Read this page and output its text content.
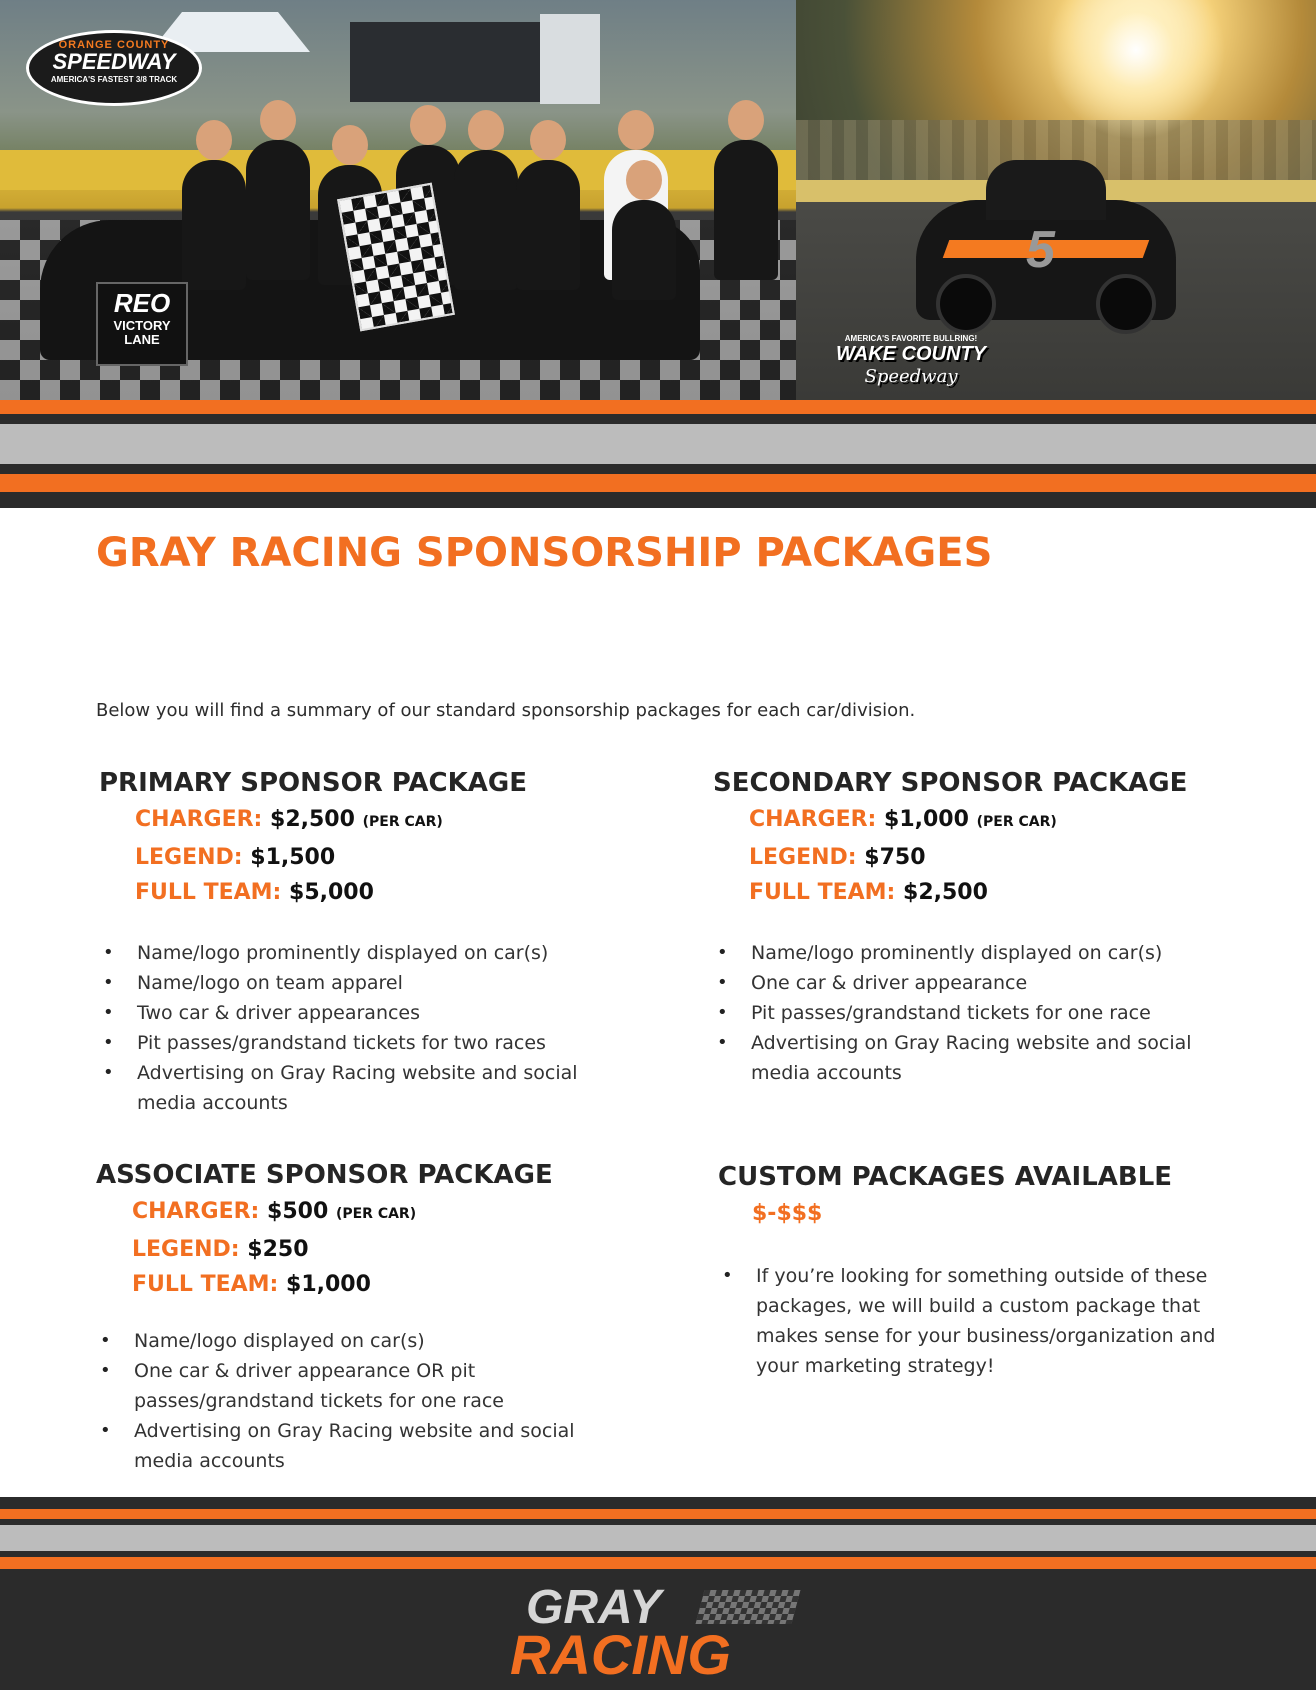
ORANGE COUNTY
SPEEDWAY
AMERICA'S FASTEST 3/8 TRACK
REO
VICTORY LANE
5
AMERICA'S FAVORITE BULLRING!
WAKE COUNTY
Speedway
GRAY RACING SPONSORSHIP PACKAGES

Below you will find a summary of our standard sponsorship packages for each car/division.

PRIMARY SPONSOR PACKAGE

CHARGER: $2,500 (PER CAR)

LEGEND: $1,500

FULL TEAM: $5,000

• Name/logo prominently displayed on car(s)
• Name/logo on team apparel
• Two car & driver appearances
• Pit passes/grandstand tickets for two races
• Advertising on Gray Racing website and social media accounts
SECONDARY SPONSOR PACKAGE

CHARGER: $1,000 (PER CAR)

LEGEND: $750

FULL TEAM: $2,500

• Name/logo prominently displayed on car(s)
• One car & driver appearance
• Pit passes/grandstand tickets for one race
• Advertising on Gray Racing website and social media accounts
ASSOCIATE SPONSOR PACKAGE

CHARGER: $500 (PER CAR)

LEGEND: $250

FULL TEAM: $1,000

• Name/logo displayed on car(s)
• One car & driver appearance OR pit passes/grandstand tickets for one race
• Advertising on Gray Racing website and social media accounts
CUSTOM PACKAGES AVAILABLE

$-$$$

• If you’re looking for something outside of these packages, we will build a custom package that makes sense for your business/organization and your marketing strategy!

GRAY

RACING
